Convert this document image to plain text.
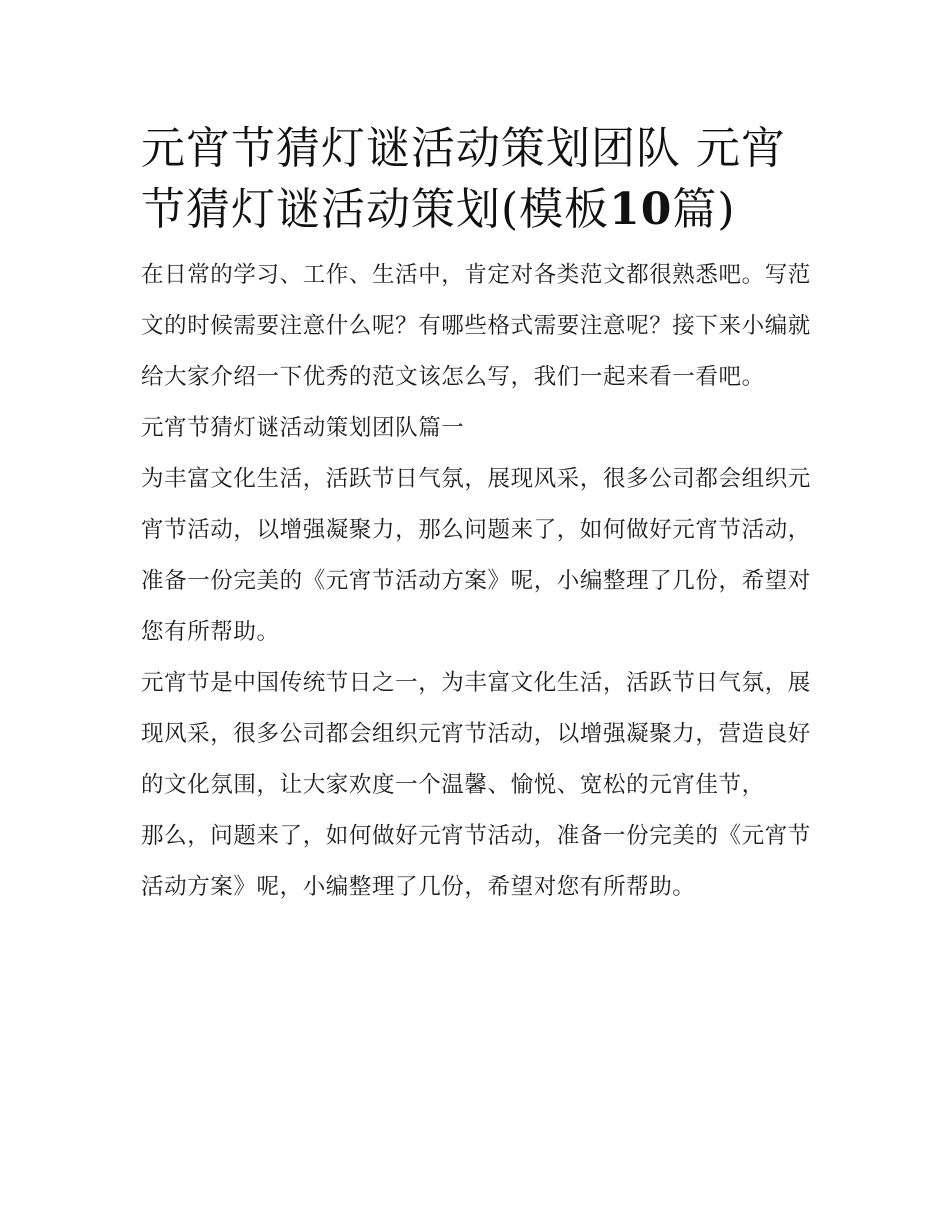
元宵节猜灯谜活动策划团队 元宵节猜灯谜活动策划(模板10篇)

在日常的学习、工作、生活中，肯定对各类范文都很熟悉吧。写范文的时候需要注意什么呢？有哪些格式需要注意呢？接下来小编就给大家介绍一下优秀的范文该怎么写，我们一起来看一看吧。

元宵节猜灯谜活动策划团队篇一

为丰富文化生活，活跃节日气氛，展现风采，很多公司都会组织元宵节活动，以增强凝聚力，那么问题来了，如何做好元宵节活动，准备一份完美的《元宵节活动方案》呢，小编整理了几份，希望对您有所帮助。

元宵节是中国传统节日之一，为丰富文化生活，活跃节日气氛，展现风采，很多公司都会组织元宵节活动，以增强凝聚力，营造良好的文化氛围，让大家欢度一个温馨、愉悦、宽松的元宵佳节，

那么，问题来了，如何做好元宵节活动，准备一份完美的《元宵节活动方案》呢，小编整理了几份，希望对您有所帮助。
